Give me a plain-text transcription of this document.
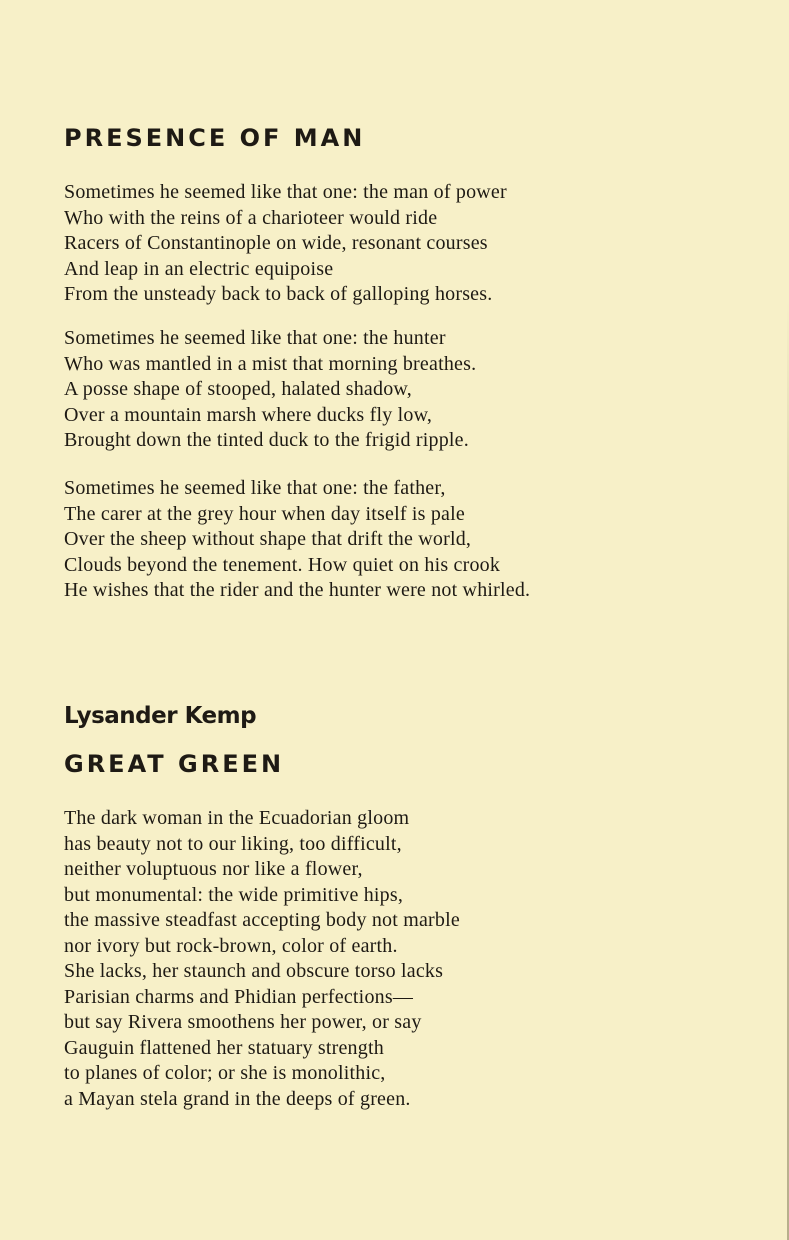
PRESENCE OF MAN
Sometimes he seemed like that one: the man of power
Who with the reins of a charioteer would ride
Racers of Constantinople on wide, resonant courses
And leap in an electric equipoise
From the unsteady back to back of galloping horses.
Sometimes he seemed like that one: the hunter
Who was mantled in a mist that morning breathes.
A posse shape of stooped, halated shadow,
Over a mountain marsh where ducks fly low,
Brought down the tinted duck to the frigid ripple.
Sometimes he seemed like that one: the father,
The carer at the grey hour when day itself is pale
Over the sheep without shape that drift the world,
Clouds beyond the tenement. How quiet on his crook
He wishes that the rider and the hunter were not whirled.
Lysander Kemp
GREAT GREEN
The dark woman in the Ecuadorian gloom
has beauty not to our liking, too difficult,
neither voluptuous nor like a flower,
but monumental: the wide primitive hips,
the massive steadfast accepting body not marble
nor ivory but rock-brown, color of earth.
She lacks, her staunch and obscure torso lacks
Parisian charms and Phidian perfections—
but say Rivera smoothens her power, or say
Gauguin flattened her statuary strength
to planes of color; or she is monolithic,
a Mayan stela grand in the deeps of green.
